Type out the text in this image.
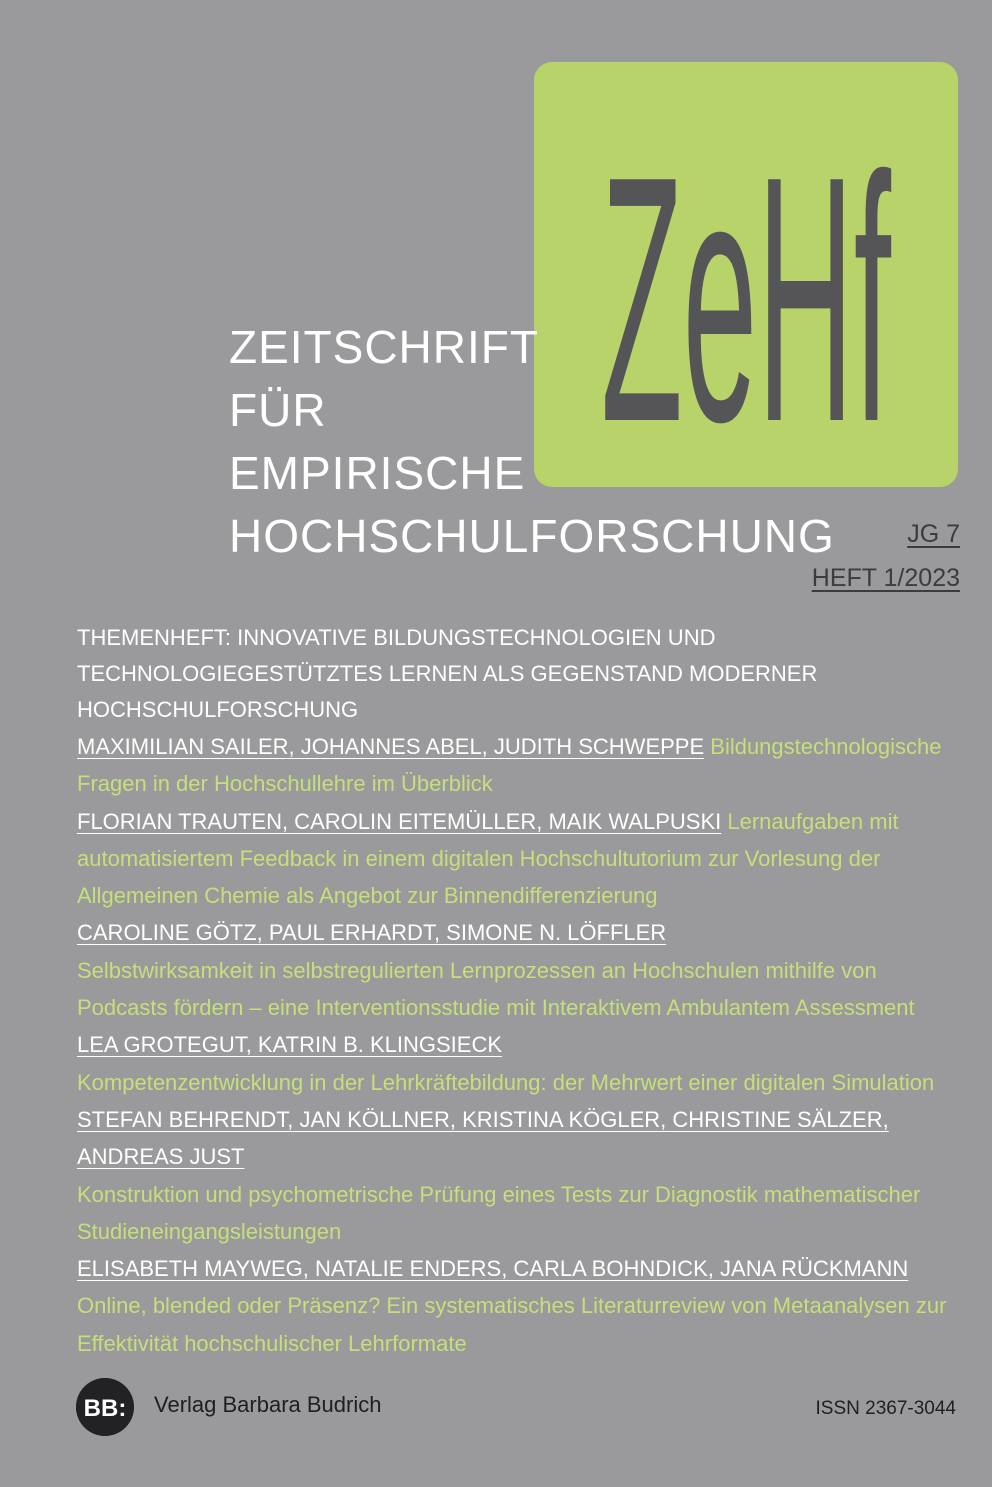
ZeHf
ZEITSCHRIFT
FÜR
EMPIRISCHE
HOCHSCHULFORSCHUNG	JG 7
HEFT 1/2023

THEMENHEFT: INNOVATIVE BILDUNGSTECHNOLOGIEN UND TECHNOLOGIEGESTÜTZTES LERNEN ALS GEGENSTAND MODERNER HOCHSCHULFORSCHUNG

MAXIMILIAN SAILER, JOHANNES ABEL, JUDITH SCHWEPPE Bildungstechnologische Fragen in der Hochschullehre im Überblick

FLORIAN TRAUTEN, CAROLIN EITEMÜLLER, MAIK WALPUSKI Lernaufgaben mit automatisiertem Feedback in einem digitalen Hochschultutorium zur Vorlesung der Allgemeinen Chemie als Angebot zur Binnendifferenzierung

CAROLINE GÖTZ, PAUL ERHARDT, SIMONE N. LÖFFLER
Selbstwirksamkeit in selbstregulierten Lernprozessen an Hochschulen mithilfe von Podcasts fördern – eine Interventionsstudie mit Interaktivem Ambulantem Assessment

LEA GROTEGUT, KATRIN B. KLINGSIECK
Kompetenzentwicklung in der Lehrkräftebildung: der Mehrwert einer digitalen Simulation

STEFAN BEHRENDT, JAN KÖLLNER, KRISTINA KÖGLER, CHRISTINE SÄLZER, ANDREAS JUST
Konstruktion und psychometrische Prüfung eines Tests zur Diagnostik mathematischer Studieneingangsleistungen

ELISABETH MAYWEG, NATALIE ENDERS, CARLA BOHNDICK, JANA RÜCKMANN Online, blended oder Präsenz? Ein systematisches Literaturreview von Metaanalysen zur Effektivität hochschulischer Lehrformate

BB: Verlag Barbara Budrich	ISSN 2367-3044
